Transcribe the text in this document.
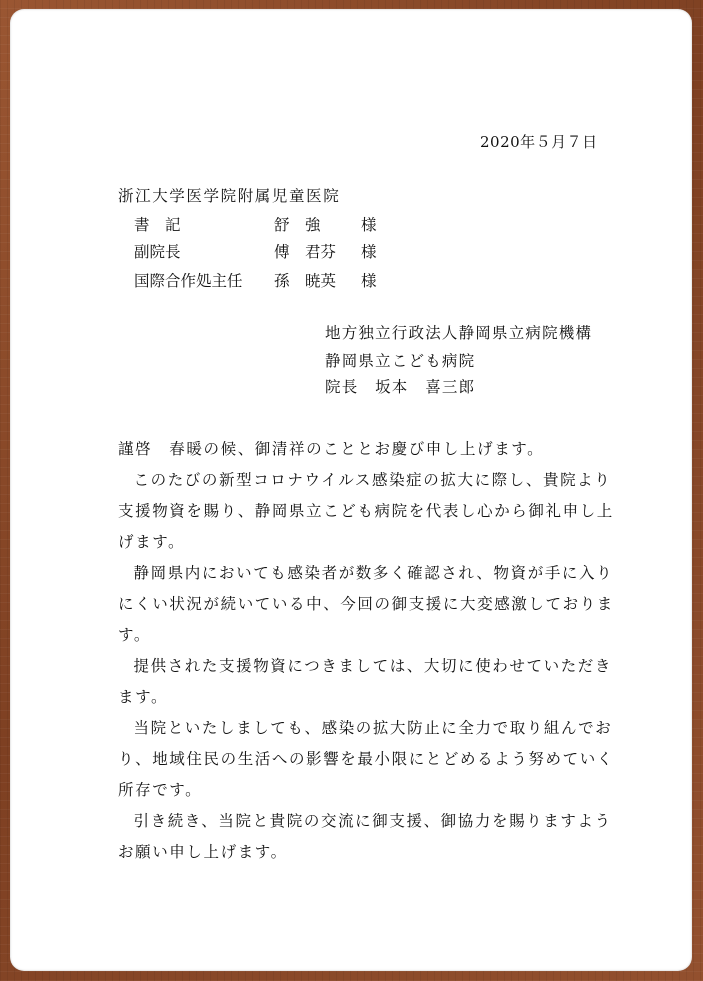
2020年５月７日
浙江大学医学院附属児童医院
書　記	舒　強	様
副院長	傅　君芬 様
国際合作処主任 孫　暁英 様
地方独立行政法人静岡県立病院機構
静岡県立こども病院
院長　坂本　喜三郎

謹啓　春暖の候、御清祥のこととお慶び申し上げます。

このたびの新型コロナウイルス感染症の拡大に際し、貴院より支援物資を賜り、静岡県立こども病院を代表し心から御礼申し上げます。

静岡県内においても感染者が数多く確認され、物資が手に入りにくい状況が続いている中、今回の御支援に大変感激しております。

提供された支援物資につきましては、大切に使わせていただきます。

当院といたしましても、感染の拡大防止に全力で取り組んでおり、地域住民の生活への影響を最小限にとどめるよう努めていく所存です。

引き続き、当院と貴院の交流に御支援、御協力を賜りますようお願い申し上げます。
